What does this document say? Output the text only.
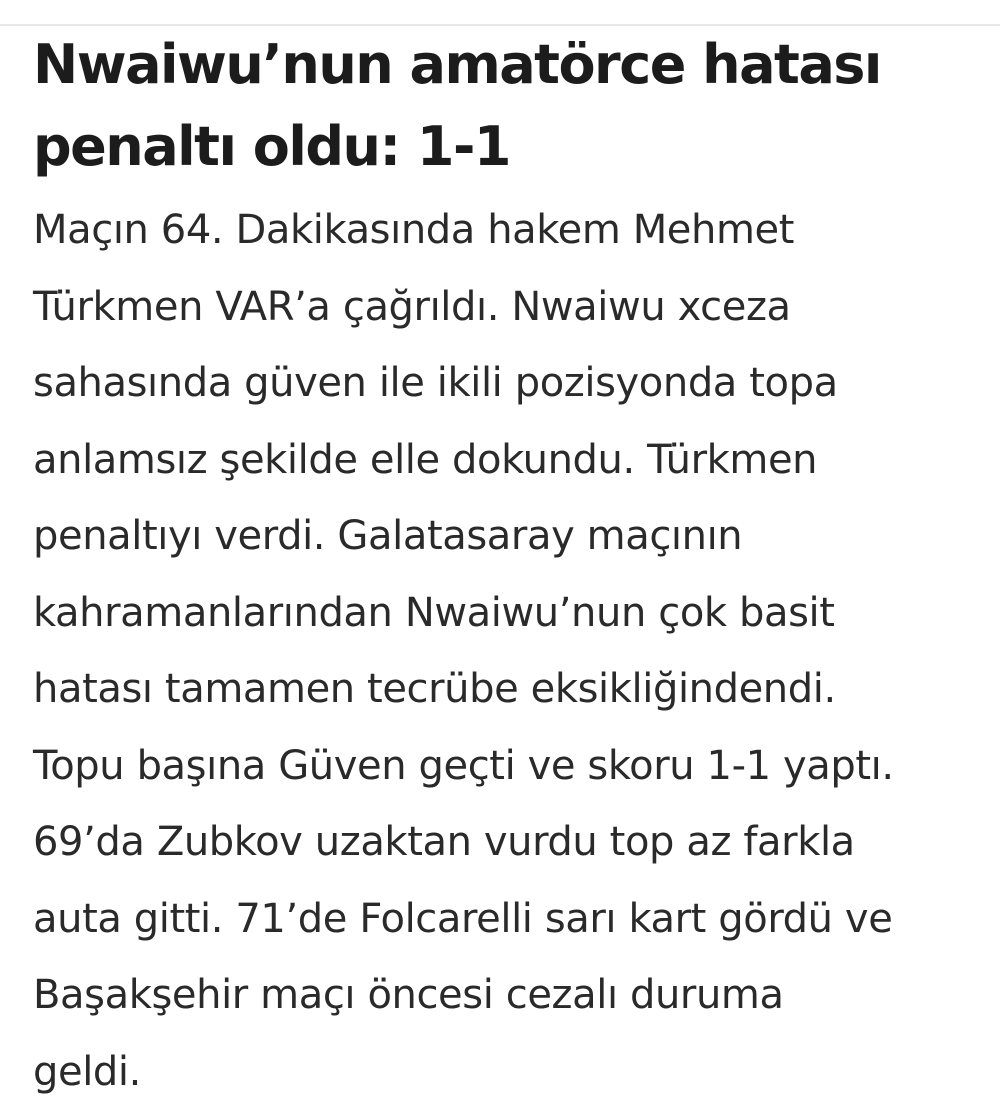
Nwaiwu’nun amatörce hatası
penaltı oldu: 1-1

Maçın 64. Dakikasında hakem Mehmet
Türkmen VAR’a çağrıldı. Nwaiwu xceza
sahasında güven ile ikili pozisyonda topa
anlamsız şekilde elle dokundu. Türkmen
penaltıyı verdi. Galatasaray maçının
kahramanlarından Nwaiwu’nun çok basit
hatası tamamen tecrübe eksikliğindendi.
Topu başına Güven geçti ve skoru 1-1 yaptı.
69’da Zubkov uzaktan vurdu top az farkla
auta gitti. 71’de Folcarelli sarı kart gördü ve
Başakşehir maçı öncesi cezalı duruma
geldi.
